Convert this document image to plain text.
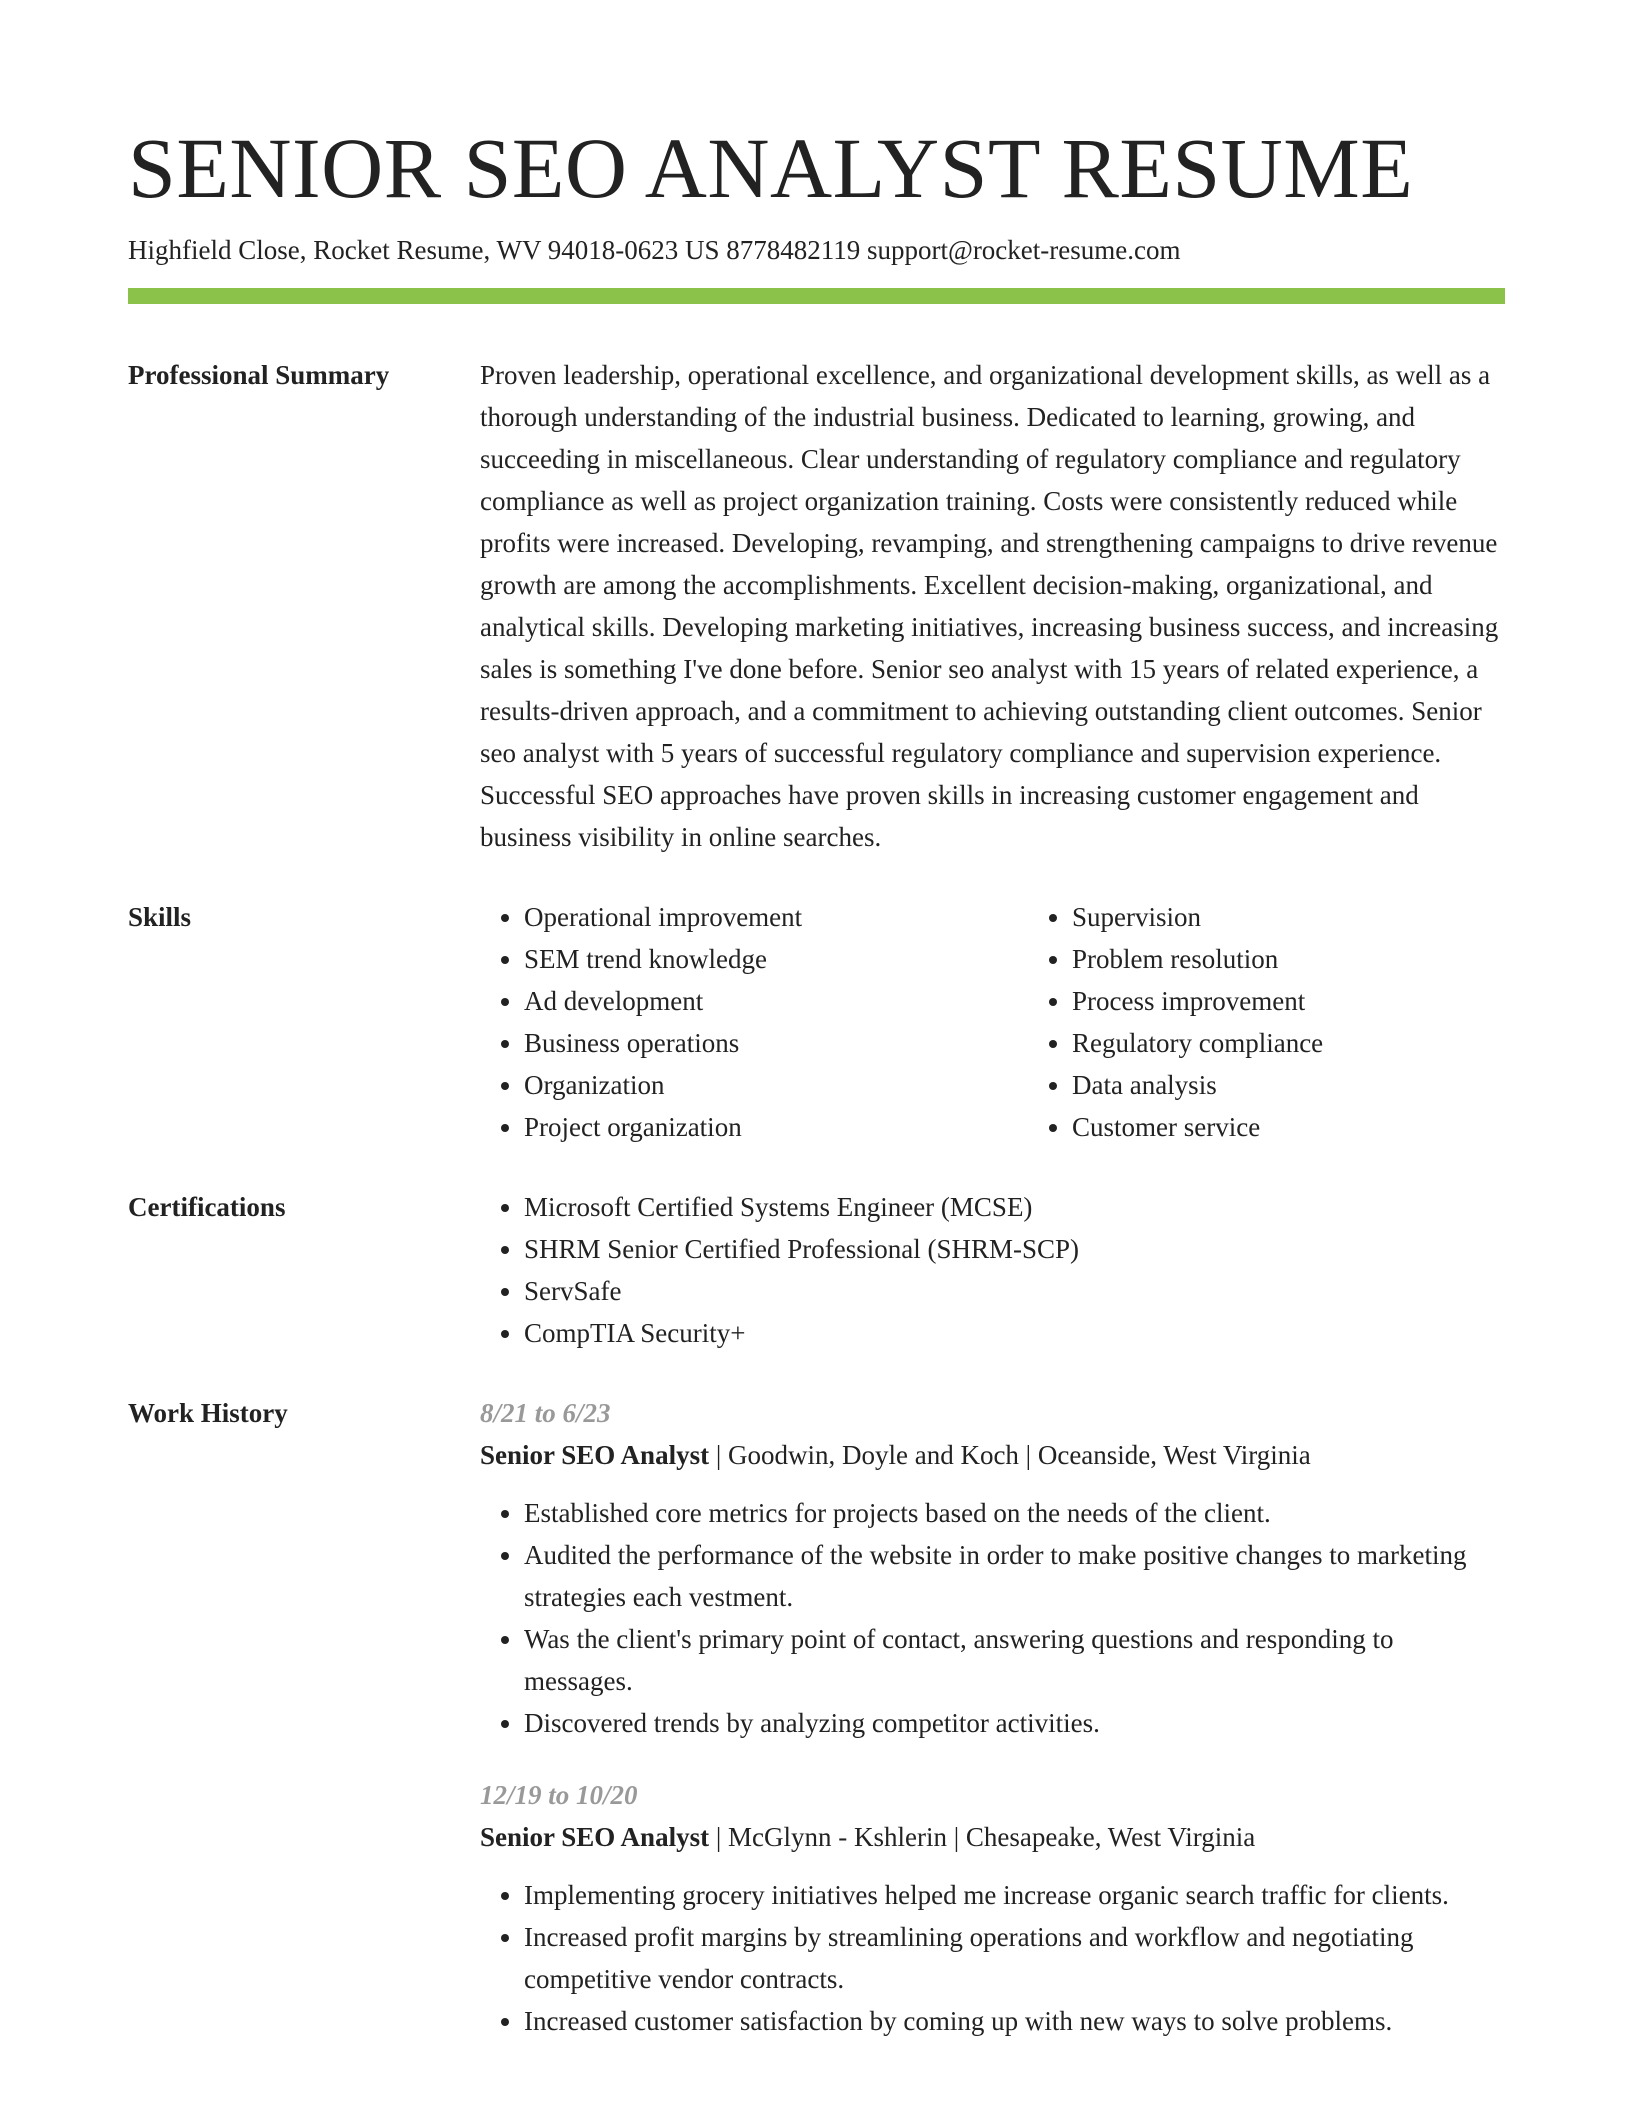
SENIOR SEO ANALYST RESUME
Highfield Close, Rocket Resume, WV 94018-0623 US 8778482119 support@rocket-resume.com
Professional Summary	Proven leadership, operational excellence, and organizational development skills, as well as a thorough understanding of the industrial business. Dedicated to learning, growing, and succeeding in miscellaneous. Clear understanding of regulatory compliance and regulatory compliance as well as project organization training. Costs were consistently reduced while profits were increased. Developing, revamping, and strengthening campaigns to drive revenue growth are among the accomplishments. Excellent decision-making, organizational, and analytical skills. Developing marketing initiatives, increasing business success, and increasing sales is something I've done before. Senior seo analyst with 15 years of related experience, a results-driven approach, and a commitment to achieving outstanding client outcomes. Senior seo analyst with 5 years of successful regulatory compliance and supervision experience. Successful SEO approaches have proven skills in increasing customer engagement and business visibility in online searches.

Skills	• Operational improvement
• SEM trend knowledge
• Ad development
• Business operations
• Organization
• Project organization
• Supervision
• Problem resolution
• Process improvement
• Regulatory compliance
• Data analysis
• Customer service
Certifications	• Microsoft Certified Systems Engineer (MCSE)
• SHRM Senior Certified Professional (SHRM-SCP)
• ServSafe
• CompTIA Security+
Work History	8/21 to 6/23
Senior SEO Analyst | Goodwin, Doyle and Koch | Oceanside, West Virginia
• Established core metrics for projects based on the needs of the client.
• Audited the performance of the website in order to make positive changes to marketing strategies each vestment.
• Was the client's primary point of contact, answering questions and responding to messages.
• Discovered trends by analyzing competitor activities.
12/19 to 10/20
Senior SEO Analyst | McGlynn - Kshlerin | Chesapeake, West Virginia
• Implementing grocery initiatives helped me increase organic search traffic for clients.
• Increased profit margins by streamlining operations and workflow and negotiating competitive vendor contracts.
• Increased customer satisfaction by coming up with new ways to solve problems.
